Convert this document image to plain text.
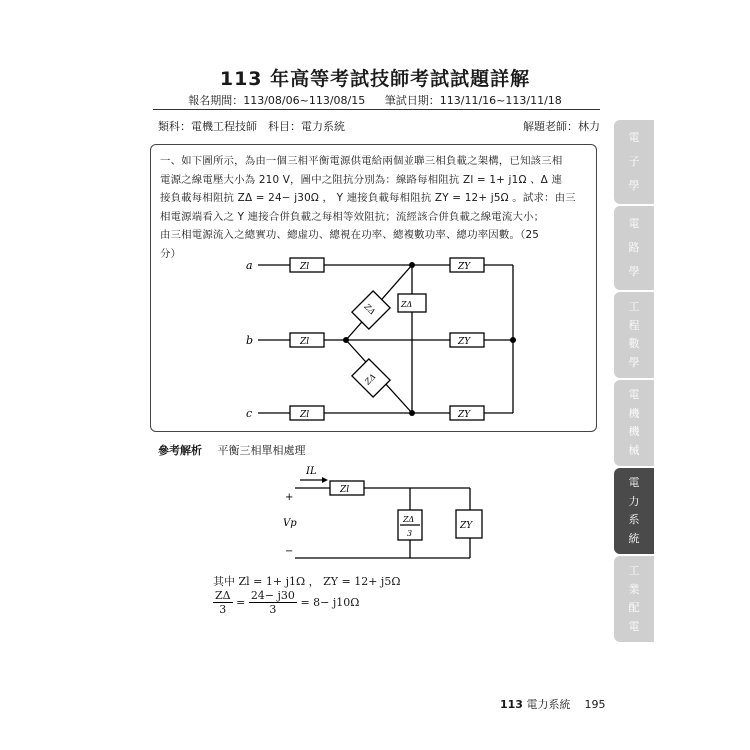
113 年高等考試技師考試試題詳解
報名期間：113/08/06~113/08/15 筆試日期：113/11/16~113/11/18
類科：電機工程技師　科目：電力系統	解題老師：林力

一、如下圖所示，為由一個三相平衡電源供電給兩個並聯三相負載之架構，已知該三相

電源之線電壓大小為 210 V，圖中之阻抗分別為：線路每相阻抗 Zl = 1+ j1Ω 、Δ 連

接負載每相阻抗 ZΔ = 24− j30Ω ， Y 連接負載每相阻抗 ZY = 12+ j5Ω 。試求：由三

相電源端看入之 Y 連接合併負載之每相等效阻抗；流經該合併負載之線電流大小；

由三相電源流入之總實功、總虛功、總視在功率、總複數功率、總功率因數。（25

分）

a
b
c
Zl
Zl
Zl
ZY
ZY
ZY
ZΔ
ZΔ
ZΔ
參考解析 平衡三相單相處理
IL
+
Vp
−
Zl
ZΔ
3
ZY
其中 Zl = 1+ j1Ω ， ZY = 12+ j5Ω
$\frac{Z\Delta}{3} = \frac{24- j30}{3} = 8- j10\Omega$
113 電力系統 195
電
子
學
電
路
學
工
程
數
學
電
機
機
械
電
力
系
統
工
業
配
電
